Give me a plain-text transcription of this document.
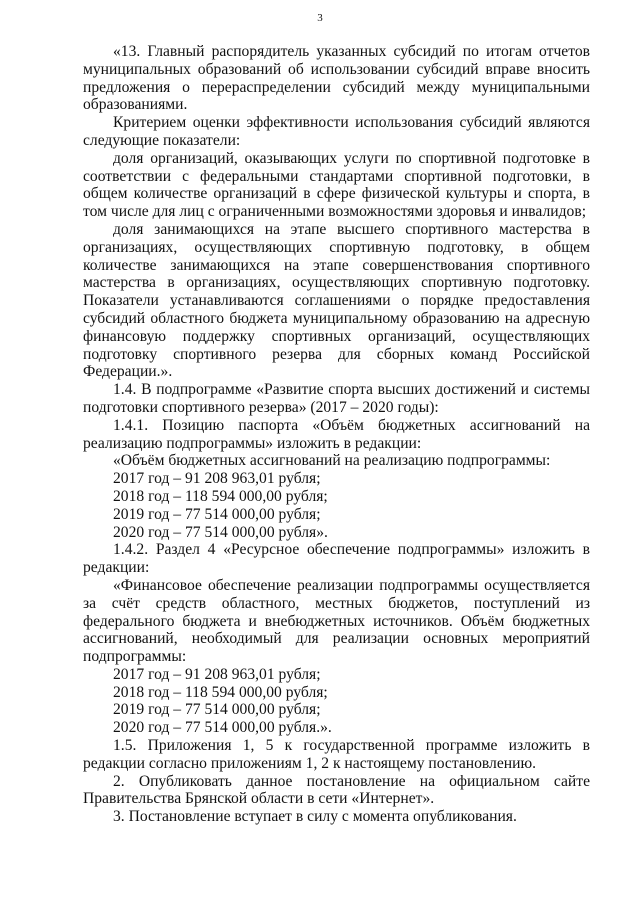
3

«13. Главный распорядитель указанных субсидий по итогам отчетов муниципальных образований об использовании субсидий вправе вносить предложения о перераспределении субсидий между муниципальными образованиями.

Критерием оценки эффективности использования субсидий являются следующие показатели:

доля организаций, оказывающих услуги по спортивной подготовке в соответствии с федеральными стандартами спортивной подготовки, в общем количестве организаций в сфере физической культуры и спорта, в том числе для лиц с ограниченными возможностями здоровья и инвалидов;

доля занимающихся на этапе высшего спортивного мастерства в организациях, осуществляющих спортивную подготовку, в общем количестве занимающихся на этапе совершенствования спортивного мастерства в организациях, осуществляющих спортивную подготовку. Показатели устанавливаются соглашениями о порядке предоставления субсидий областного бюджета муниципальному образованию на адресную финансовую поддержку спортивных организаций, осуществляющих подготовку спортивного резерва для сборных команд Российской Федерации.».

1.4. В подпрограмме «Развитие спорта высших достижений и системы подготовки спортивного резерва» (2017 – 2020 годы):

1.4.1. Позицию паспорта «Объём бюджетных ассигнований на реализацию подпрограммы» изложить в редакции:

«Объём бюджетных ассигнований на реализацию подпрограммы:

2017 год – 91 208 963,01 рубля;

2018 год – 118 594 000,00 рубля;

2019 год – 77 514 000,00 рубля;

2020 год – 77 514 000,00 рубля».

1.4.2. Раздел 4 «Ресурсное обеспечение подпрограммы» изложить в редакции:

«Финансовое обеспечение реализации подпрограммы осуществляется за счёт средств областного, местных бюджетов, поступлений из федерального бюджета и внебюджетных источников. Объём бюджетных ассигнований, необходимый для реализации основных мероприятий подпрограммы:

2017 год – 91 208 963,01 рубля;

2018 год – 118 594 000,00 рубля;

2019 год – 77 514 000,00 рубля;

2020 год – 77 514 000,00 рубля.».

1.5. Приложения 1, 5 к государственной программе изложить в редакции согласно приложениям 1, 2 к настоящему постановлению.

2. Опубликовать данное постановление на официальном сайте Правительства Брянской области в сети «Интернет».

3. Постановление вступает в силу с момента опубликования.
